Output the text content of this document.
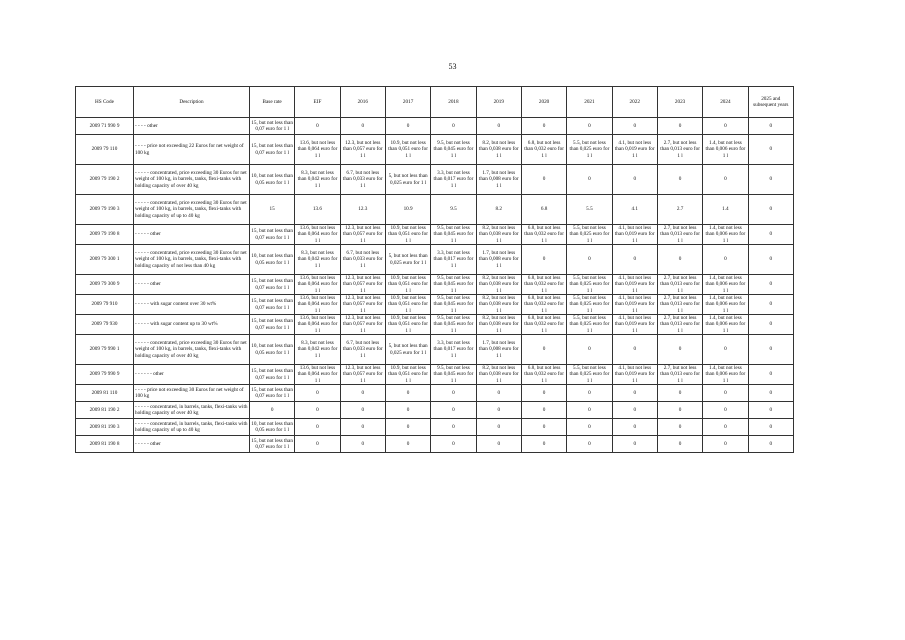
53
HS Code	Description	Base rate	EIF	2016	2017	2018	2019	2020	2021	2022	2023	2024	2025 and subsequent years
2009 71 990 9	- - - - other	15, but not less than 0,07 euro for 1 l	0	0	0	0	0	0	0	0	0	0	0
2009 79 110	- - - - price not exceeding 22 Euros for net weight of 100 kg	15, but not less than 0,07 euro for 1 l	13.6, but not less than 0,064 euro for 1 l	12.3, but not less than 0,057 euro for 1 l	10.9, but not less than 0,051 euro for 1 l	9.5, but not less than 0,045 euro for 1 l	8.2, but not less than 0,038 euro for 1 l	6.8, but not less than 0,032 euro for 1 l	5.5, but not less than 0,025 euro for 1 l	4.1, but not less than 0,019 euro for 1 l	2.7, but not less than 0,013 euro for 1 l	1.4, but not less than 0,006 euro for 1 l	0
2009 79 190 2	- - - - - concentrated, price exceeding 30 Euros for net weight of 100 kg, in barrels, tanks, flexi-tanks with holding capacity of over 40 kg	10, but not less than 0,05 euro for 1 l	8.3, but not less than 0,042 euro for 1 l	6.7, but not less than 0,033 euro for 1 l	5, but not less than 0,025 euro for 1 l	3.3, but not less than 0,017 euro for 1 l	1.7, but not less than 0,008 euro for 1 l	0	0	0	0	0	0
2009 79 190 3	- - - - - concentrated, price exceeding 30 Euros for net weight of 100 kg, in barrels, tanks, flexi-tanks with holding capacity of up to 40 kg	15	13.6	12.3	10.9	9.5	8.2	6.8	5.5	4.1	2.7	1.4	0
2009 79 190 8	- - - - - other	15, but not less than 0,07 euro for 1 l	13.6, but not less than 0,064 euro for 1 l	12.3, but not less than 0,057 euro for 1 l	10.9, but not less than 0,051 euro for 1 l	9.5, but not less than 0,045 euro for 1 l	8.2, but not less than 0,038 euro for 1 l	6.8, but not less than 0,032 euro for 1 l	5.5, but not less than 0,025 euro for 1 l	4.1, but not less than 0,019 euro for 1 l	2.7, but not less than 0,013 euro for 1 l	1.4, but not less than 0,006 euro for 1 l	0
2009 79 300 1	- - - - - concentrated, price exceeding 30 Euros for net weight of 100 kg, in barrels, tanks, flexi-tanks with holding capacity of not less than 40 kg	10, but not less than 0,05 euro for 1 l	8.3, but not less than 0,042 euro for 1 l	6.7, but not less than 0,033 euro for 1 l	5, but not less than 0,025 euro for 1 l	3.3, but not less than 0,017 euro for 1 l	1.7, but not less than 0,008 euro for 1 l	0	0	0	0	0	0
2009 79 300 9	- - - - - other	15, but not less than 0,07 euro for 1 l	13.6, but not less than 0,064 euro for 1 l	12.3, but not less than 0,057 euro for 1 l	10.9, but not less than 0,051 euro for 1 l	9.5, but not less than 0,045 euro for 1 l	8.2, but not less than 0,038 euro for 1 l	6.8, but not less than 0,032 euro for 1 l	5.5, but not less than 0,025 euro for 1 l	4.1, but not less than 0,019 euro for 1 l	2.7, but not less than 0,013 euro for 1 l	1.4, but not less than 0,006 euro for 1 l	0
2009 79 910	- - - - - with sugar content over 30 wt%	15, but not less than 0,07 euro for 1 l	13.6, but not less than 0,064 euro for 1 l	12.3, but not less than 0,057 euro for 1 l	10.9, but not less than 0,051 euro for 1 l	9.5, but not less than 0,045 euro for 1 l	8.2, but not less than 0,038 euro for 1 l	6.8, but not less than 0,032 euro for 1 l	5.5, but not less than 0,025 euro for 1 l	4.1, but not less than 0,019 euro for 1 l	2.7, but not less than 0,013 euro for 1 l	1.4, but not less than 0,006 euro for 1 l	0
2009 79 930	- - - - - with sugar content up to 30 wt%	15, but not less than 0,07 euro for 1 l	13.6, but not less than 0,064 euro for 1 l	12.3, but not less than 0,057 euro for 1 l	10.9, but not less than 0,051 euro for 1 l	9.5, but not less than 0,045 euro for 1 l	8.2, but not less than 0,038 euro for 1 l	6.8, but not less than 0,032 euro for 1 l	5.5, but not less than 0,025 euro for 1 l	4.1, but not less than 0,019 euro for 1 l	2.7, but not less than 0,013 euro for 1 l	1.4, but not less than 0,006 euro for 1 l	0
2009 79 990 1	- - - - - concentrated, price exceeding 30 Euros for net weight of 100 kg, in barrels, tanks, flexi-tanks with holding capacity of over 40 kg	10, but not less than 0,05 euro for 1 l	8.3, but not less than 0,042 euro for 1 l	6.7, but not less than 0,033 euro for 1 l	5, but not less than 0,025 euro for 1 l	3.3, but not less than 0,017 euro for 1 l	1.7, but not less than 0,008 euro for 1 l	0	0	0	0	0	0
2009 79 990 9	- - - - - - other	15, but not less than 0,07 euro for 1 l	13.6, but not less than 0,064 euro for 1 l	12.3, but not less than 0,057 euro for 1 l	10.9, but not less than 0,051 euro for 1 l	9.5, but not less than 0,045 euro for 1 l	8.2, but not less than 0,038 euro for 1 l	6.8, but not less than 0,032 euro for 1 l	5.5, but not less than 0,025 euro for 1 l	4.1, but not less than 0,019 euro for 1 l	2.7, but not less than 0,013 euro for 1 l	1.4, but not less than 0,006 euro for 1 l	0
2009 81 110	- - - - price not exceeding 30 Euros for net weight of 100 kg	15, but not less than 0,07 euro for 1 l	0	0	0	0	0	0	0	0	0	0	0
2009 81 190 2	- - - - - concentrated, in barrels, tanks, flexi-tanks with holding capacity of over 40 kg	0	0	0	0	0	0	0	0	0	0	0	0
2009 81 190 3	- - - - - concentrated, in barrels, tanks, flexi-tanks with holding capacity of up to 40 kg	10, but not less than 0,05 euro for 1 l	0	0	0	0	0	0	0	0	0	0	0
2009 81 190 8	- - - - - other	15, but not less than 0,07 euro for 1 l	0	0	0	0	0	0	0	0	0	0	0
